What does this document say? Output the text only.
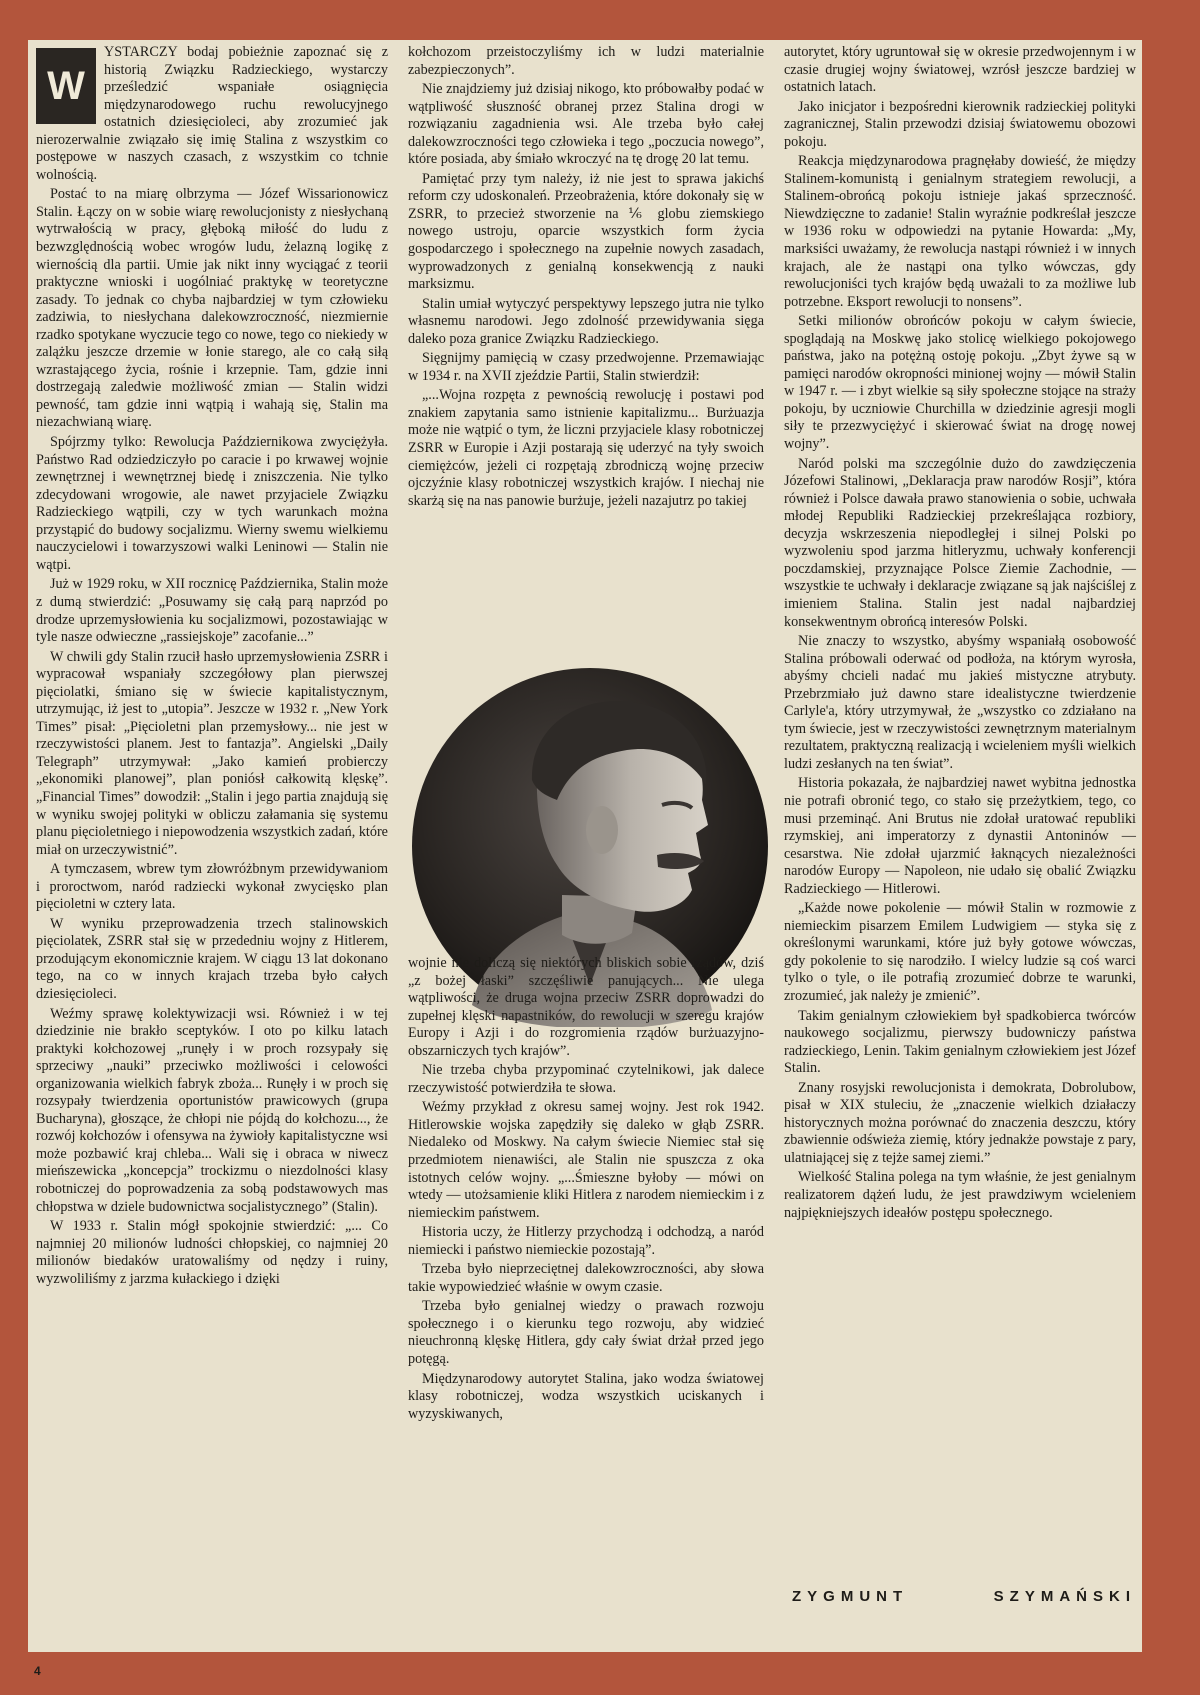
W

YSTARCZY bodaj pobieżnie zapoznać się z historią Związku Radzieckiego, wystarczy prześledzić wspaniałe osiągnięcia międzynarodowego ruchu rewolucyjnego ostatnich dziesięcioleci, aby zrozumieć jak nierozerwalnie związało się imię Stalina z wszystkim co postępowe w naszych czasach, z wszystkim co tchnie wolnością.

Postać to na miarę olbrzyma — Józef Wissarionowicz Stalin. Łączy on w sobie wiarę rewolucjonisty z niesłychaną wytrwałością w pracy, głęboką miłość do ludu z bezwzględnością wobec wrogów ludu, żelazną logikę z wiernością dla partii. Umie jak nikt inny wyciągać z teorii praktyczne wnioski i uogólniać praktykę w teoretyczne zasady. To jednak co chyba najbardziej w tym człowieku zadziwia, to niesłychana dalekowzroczność, niezmiernie rzadko spotykane wyczucie tego co nowe, tego co niekiedy w zalążku jeszcze drzemie w łonie starego, ale co całą siłą wzrastającego życia, rośnie i krzepnie. Tam, gdzie inni dostrzegają zaledwie możliwość zmian — Stalin widzi pewność, tam gdzie inni wątpią i wahają się, Stalin ma niezachwianą wiarę.

Spójrzmy tylko: Rewolucja Październikowa zwyciężyła. Państwo Rad odziedziczyło po caracie i po krwawej wojnie zewnętrznej i wewnętrznej biedę i zniszczenia. Nie tylko zdecydowani wrogowie, ale nawet przyjaciele Związku Radzieckiego wątpili, czy w tych warunkach można przystąpić do budowy socjalizmu. Wierny swemu wielkiemu nauczycielowi i towarzyszowi walki Leninowi — Stalin nie wątpi.

Już w 1929 roku, w XII rocznicę Października, Stalin może z dumą stwierdzić: „Posuwamy się całą parą naprzód po drodze uprzemysłowienia ku socjalizmowi, pozostawiając w tyle nasze odwieczne „rassiejskoje” zacofanie...”

W chwili gdy Stalin rzucił hasło uprzemysłowienia ZSRR i wypracował wspaniały szczegółowy plan pierwszej pięciolatki, śmiano się w świecie kapitalistycznym, utrzymując, iż jest to „utopia”. Jeszcze w 1932 r. „New York Times” pisał: „Pięcioletni plan przemysłowy... nie jest w rzeczywistości planem. Jest to fantazja”. Angielski „Daily Telegraph” utrzymywał: „Jako kamień probierczy „ekonomiki planowej”, plan poniósł całkowitą klęskę”. „Financial Times” dowodził: „Stalin i jego partia znajdują się w wyniku swojej polityki w obliczu załamania się systemu planu pięcioletniego i niepowodzenia wszystkich zadań, które miał on urzeczywistnić”.

A tymczasem, wbrew tym złowróżbnym przewidywaniom i proroctwom, naród radziecki wykonał zwycięsko plan pięcioletni w cztery lata.

W wyniku przeprowadzenia trzech stalinowskich pięciolatek, ZSRR stał się w przededniu wojny z Hitlerem, przodującym ekonomicznie krajem. W ciągu 13 lat dokonano tego, na co w innych krajach trzeba było całych dziesięcioleci.

Weźmy sprawę kolektywizacji wsi. Również i w tej dziedzinie nie brakło sceptyków. I oto po kilku latach praktyki kołchozowej „runęły i w proch rozsypały się sprzeciwy „nauki” przeciwko możliwości i celowości organizowania wielkich fabryk zboża... Runęły i w proch się rozsypały twierdzenia oportunistów prawicowych (grupa Bucharyna), głoszące, że chłopi nie pójdą do kołchozu..., że rozwój kołchozów i ofensywa na żywioły kapitalistyczne wsi może pozbawić kraj chleba... Wali się i obraca w niwecz mieńszewicka „koncepcja” trockizmu o niezdolności klasy robotniczej do poprowadzenia za sobą podstawowych mas chłopstwa w dziele budownictwa socjalistycznego” (Stalin).

W 1933 r. Stalin mógł spokojnie stwierdzić: „... Co najmniej 20 milionów ludności chłopskiej, co najmniej 20 milionów biedaków uratowaliśmy od nędzy i ruiny, wyzwoliliśmy z jarzma kułackiego i dzięki

kołchozom przeistoczyliśmy ich w ludzi materialnie zabezpieczonych”.

Nie znajdziemy już dzisiaj nikogo, kto próbowałby podać w wątpliwość słuszność obranej przez Stalina drogi w rozwiązaniu zagadnienia wsi. Ale trzeba było całej dalekowzroczności tego człowieka i tego „poczucia nowego”, które posiada, aby śmiało wkroczyć na tę drogę 20 lat temu.

Pamiętać przy tym należy, iż nie jest to sprawa jakichś reform czy udoskonaleń. Przeobrażenia, które dokonały się w ZSRR, to przecież stworzenie na ⅙ globu ziemskiego nowego ustroju, oparcie wszystkich form życia gospodarczego i społecznego na zupełnie nowych zasadach, wyprowadzonych z genialną konsekwencją z nauki marksizmu.

Stalin umiał wytyczyć perspektywy lepszego jutra nie tylko własnemu narodowi. Jego zdolność przewidywania sięga daleko poza granice Związku Radzieckiego.

Sięgnijmy pamięcią w czasy przedwojenne. Przemawiając w 1934 r. na XVII zjeździe Partii, Stalin stwierdził:

„...Wojna rozpęta z pewnością rewolucję i postawi pod znakiem zapytania samo istnienie kapitalizmu... Burżuazja może nie wątpić o tym, że liczni przyjaciele klasy robotniczej ZSRR w Europie i Azji postarają się uderzyć na tyły swoich ciemiężców, jeżeli ci rozpętają zbrodniczą wojnę przeciw ojczyźnie klasy robotniczej wszystkich krajów. I niechaj nie skarżą się na nas panowie burżuje, jeżeli nazajutrz po takiej

wojnie nie doliczą się niektórych bliskich sobie rządów, dziś „z bożej łaski” szczęśliwie panujących... Nie ulega wątpliwości, że druga wojna przeciw ZSRR doprowadzi do zupełnej klęski napastników, do rewolucji w szeregu krajów Europy i Azji i do rozgromienia rządów burżuazyjno-obszarniczych tych krajów”.

Nie trzeba chyba przypominać czytelnikowi, jak dalece rzeczywistość potwierdziła te słowa.

Weźmy przykład z okresu samej wojny. Jest rok 1942. Hitlerowskie wojska zapędziły się daleko w głąb ZSRR. Niedaleko od Moskwy. Na całym świecie Niemiec stał się przedmiotem nienawiści, ale Stalin nie spuszcza z oka istotnych celów wojny. „...Śmieszne byłoby — mówi on wtedy — utożsamienie kliki Hitlera z narodem niemieckim i z niemieckim państwem.

Historia uczy, że Hitlerzy przychodzą i odchodzą, a naród niemiecki i państwo niemieckie pozostają”.

Trzeba było nieprzeciętnej dalekowzroczności, aby słowa takie wypowiedzieć właśnie w owym czasie.

Trzeba było genialnej wiedzy o prawach rozwoju społecznego i o kierunku tego rozwoju, aby widzieć nieuchronną klęskę Hitlera, gdy cały świat drżał przed jego potęgą.

Międzynarodowy autorytet Stalina, jako wodza światowej klasy robotniczej, wodza wszystkich uciskanych i wyzyskiwanych,

autorytet, który ugruntował się w okresie przedwojennym i w czasie drugiej wojny światowej, wzrósł jeszcze bardziej w ostatnich latach.

Jako inicjator i bezpośredni kierownik radzieckiej polityki zagranicznej, Stalin przewodzi dzisiaj światowemu obozowi pokoju.

Reakcja międzynarodowa pragnęłaby dowieść, że między Stalinem-komunistą i genialnym strategiem rewolucji, a Stalinem-obrońcą pokoju istnieje jakaś sprzeczność. Niewdzięczne to zadanie! Stalin wyraźnie podkreślał jeszcze w 1936 roku w odpowiedzi na pytanie Howarda: „My, marksiści uważamy, że rewolucja nastąpi również i w innych krajach, ale że nastąpi ona tylko wówczas, gdy rewolucjoniści tych krajów będą uważali to za możliwe lub potrzebne. Eksport rewolucji to nonsens”.

Setki milionów obrońców pokoju w całym świecie, spoglądają na Moskwę jako stolicę wielkiego pokojowego państwa, jako na potężną ostoję pokoju. „Zbyt żywe są w pamięci narodów okropności minionej wojny — mówił Stalin w 1947 r. — i zbyt wielkie są siły społeczne stojące na straży pokoju, by uczniowie Churchilla w dziedzinie agresji mogli siły te przezwyciężyć i skierować świat na drogę nowej wojny”.

Naród polski ma szczególnie dużo do zawdzięczenia Józefowi Stalinowi, „Deklaracja praw narodów Rosji”, która również i Polsce dawała prawo stanowienia o sobie, uchwała młodej Republiki Radzieckiej przekreślająca rozbiory, decyzja wskrzeszenia niepodległej i silnej Polski po wyzwoleniu spod jarzma hitleryzmu, uchwały konferencji poczdamskiej, przyznające Polsce Ziemie Zachodnie, — wszystkie te uchwały i deklaracje związane są jak najściślej z imieniem Stalina. Stalin jest nadal najbardziej konsekwentnym obrońcą interesów Polski.

Nie znaczy to wszystko, abyśmy wspaniałą osobowość Stalina próbowali oderwać od podłoża, na którym wyrosła, abyśmy chcieli nadać mu jakieś mistyczne atrybuty. Przebrzmiało już dawno stare idealistyczne twierdzenie Carlyle'a, który utrzymywał, że „wszystko co zdziałano na tym świecie, jest w rzeczywistości zewnętrznym materialnym rezultatem, praktyczną realizacją i wcieleniem myśli wielkich ludzi zesłanych na ten świat”.

Historia pokazała, że najbardziej nawet wybitna jednostka nie potrafi obronić tego, co stało się przeżytkiem, tego, co musi przeminąć. Ani Brutus nie zdołał uratować republiki rzymskiej, ani imperatorzy z dynastii Antoninów — cesarstwa. Nie zdołał ujarzmić łaknących niezależności narodów Europy — Napoleon, nie udało się obalić Związku Radzieckiego — Hitlerowi.

„Każde nowe pokolenie — mówił Stalin w rozmowie z niemieckim pisarzem Emilem Ludwigiem — styka się z określonymi warunkami, które już były gotowe wówczas, gdy pokolenie to się narodziło. I wielcy ludzie są coś warci tylko o tyle, o ile potrafią zrozumieć dobrze te warunki, zrozumieć, jak należy je zmienić”.

Takim genialnym człowiekiem był spadkobierca twórców naukowego socjalizmu, pierwszy budowniczy państwa radzieckiego, Lenin. Takim genialnym człowiekiem jest Józef Stalin.

Znany rosyjski rewolucjonista i demokrata, Dobrolubow, pisał w XIX stuleciu, że „znaczenie wielkich działaczy historycznych można porównać do znaczenia deszczu, który zbawiennie odświeża ziemię, który jednakże powstaje z pary, ulatniającej się z tejże samej ziemi.”

Wielkość Stalina polega na tym właśnie, że jest genialnym realizatorem dążeń ludu, że jest prawdziwym wcieleniem najpiękniejszych ideałów postępu społecznego.

ZYGMUNT	SZYMAŃSKI
4
